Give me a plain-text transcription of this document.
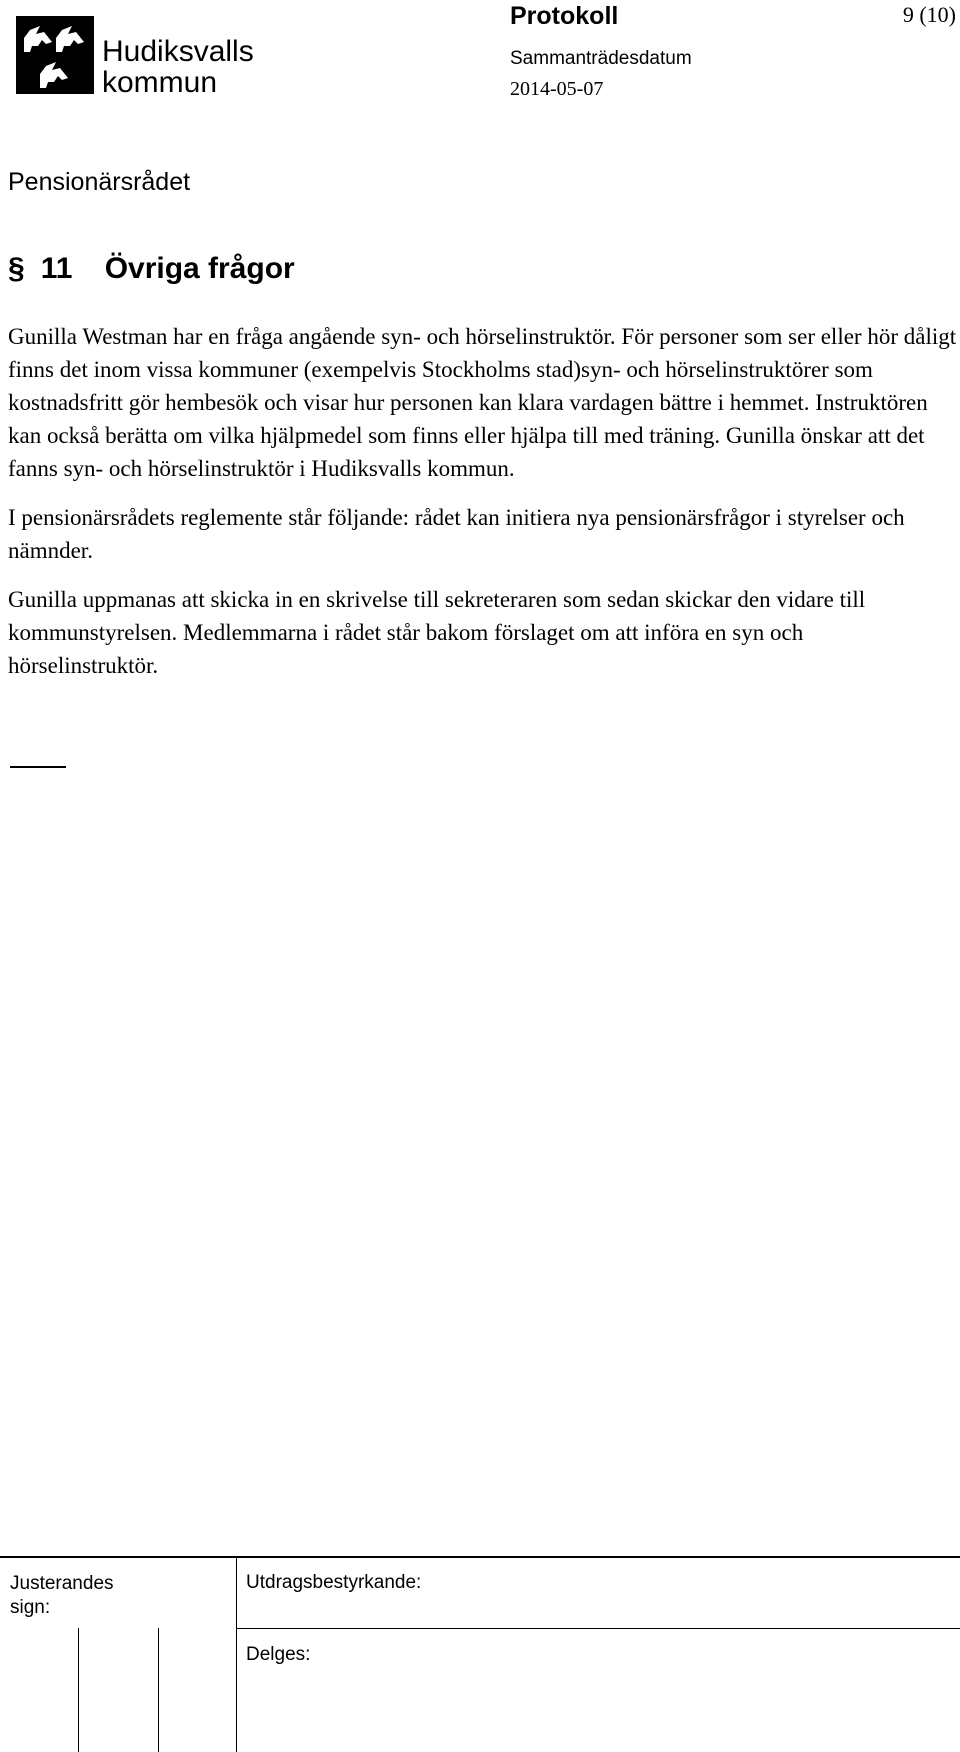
Hudiksvalls
kommun
Protokoll	9 (10)
Sammanträdesdatum
2014-05-07
Pensionärsrådet
§ 11 Övriga frågor

Gunilla Westman har en fråga angående syn- och hörselinstruktör. För personer som ser eller hör dåligt finns det inom vissa kommuner (exempelvis Stockholms stad)syn- och hörselinstruktörer som kostnadsfritt gör hembesök och visar hur personen kan klara vardagen bättre i hemmet. Instruktören kan också berätta om vilka hjälpmedel som finns eller hjälpa till med träning. Gunilla önskar att det fanns syn- och hörselinstruktör i Hudiksvalls kommun.

I pensionärsrådets reglemente står följande: rådet kan initiera nya pensionärsfrågor i styrelser och nämnder.

Gunilla uppmanas att skicka in en skrivelse till sekreteraren som sedan skickar den vidare till kommunstyrelsen. Medlemmarna i rådet står bakom förslaget om att införa en syn och hörselinstruktör.

Justerandes
sign:
Utdragsbestyrkande:
Delges:
